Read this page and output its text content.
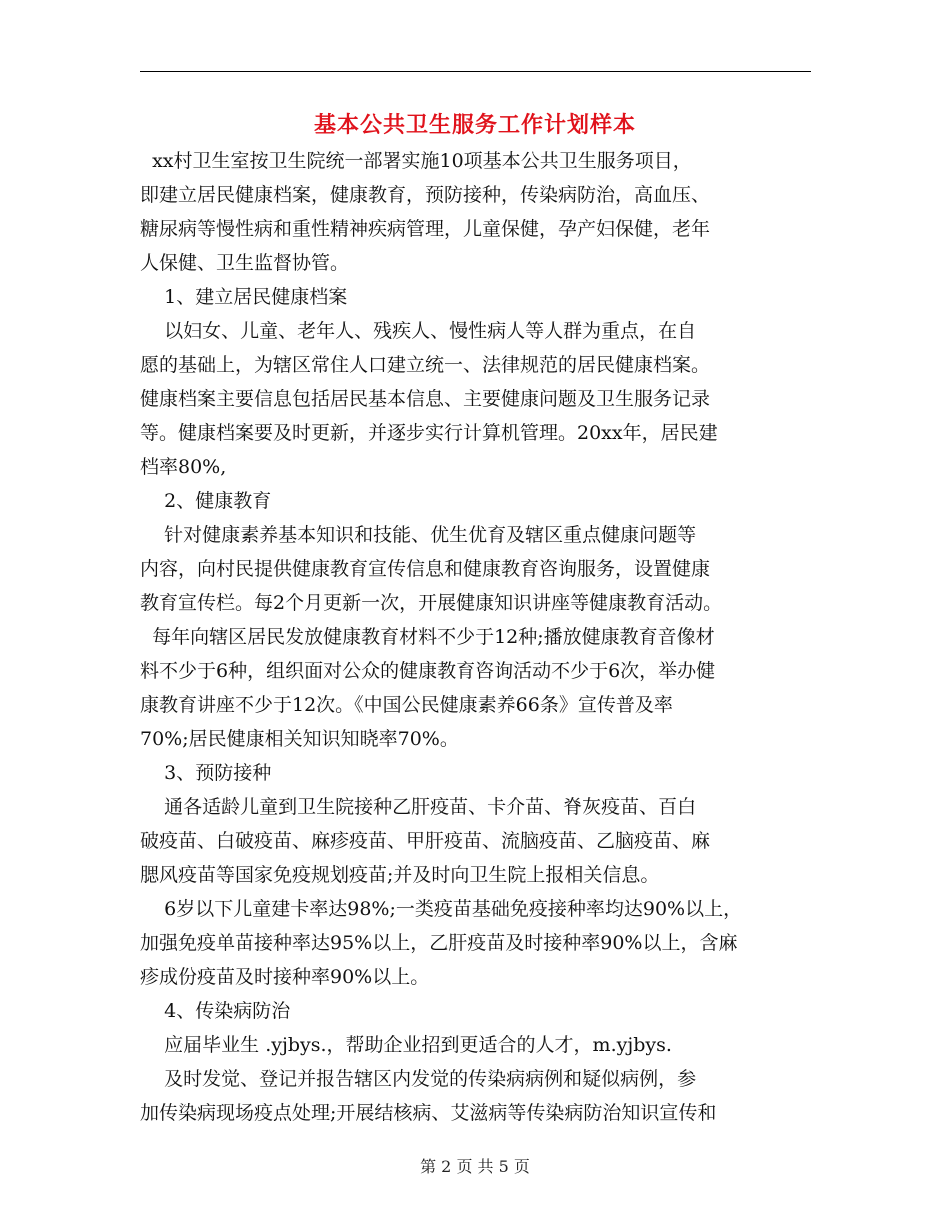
基本公共卫生服务工作计划样本
xx村卫生室按卫生院统一部署实施10项基本公共卫生服务项目，
即建立居民健康档案，健康教育，预防接种，传染病防治，高血压、
糖尿病等慢性病和重性精神疾病管理，儿童保健，孕产妇保健，老年
人保健、卫生监督协管。
1、建立居民健康档案
以妇女、儿童、老年人、残疾人、慢性病人等人群为重点，在自
愿的基础上，为辖区常住人口建立统一、法律规范的居民健康档案。
健康档案主要信息包括居民基本信息、主要健康问题及卫生服务记录
等。健康档案要及时更新，并逐步实行计算机管理。20xx年，居民建
档率80%,
2、健康教育
针对健康素养基本知识和技能、优生优育及辖区重点健康问题等
内容，向村民提供健康教育宣传信息和健康教育咨询服务，设置健康
教育宣传栏。每2个月更新一次，开展健康知识讲座等健康教育活动。
每年向辖区居民发放健康教育材料不少于12种;播放健康教育音像材
料不少于6种，组织面对公众的健康教育咨询活动不少于6次，举办健
康教育讲座不少于12次。《中国公民健康素养66条》宣传普及率
70%;居民健康相关知识知晓率70%。
3、预防接种
通各适龄儿童到卫生院接种乙肝疫苗、卡介苗、脊灰疫苗、百白
破疫苗、白破疫苗、麻疹疫苗、甲肝疫苗、流脑疫苗、乙脑疫苗、麻
腮风疫苗等国家免疫规划疫苗;并及时向卫生院上报相关信息。
6岁以下儿童建卡率达98%;一类疫苗基础免疫接种率均达90%以上，
加强免疫单苗接种率达95%以上，乙肝疫苗及时接种率90%以上，含麻
疹成份疫苗及时接种率90%以上。
4、传染病防治
应届毕业生 .yjbys.，帮助企业招到更适合的人才，m.yjbys.
及时发觉、登记并报告辖区内发觉的传染病病例和疑似病例，参
加传染病现场疫点处理;开展结核病、艾滋病等传染病防治知识宣传和
第 2 页 共 5 页
